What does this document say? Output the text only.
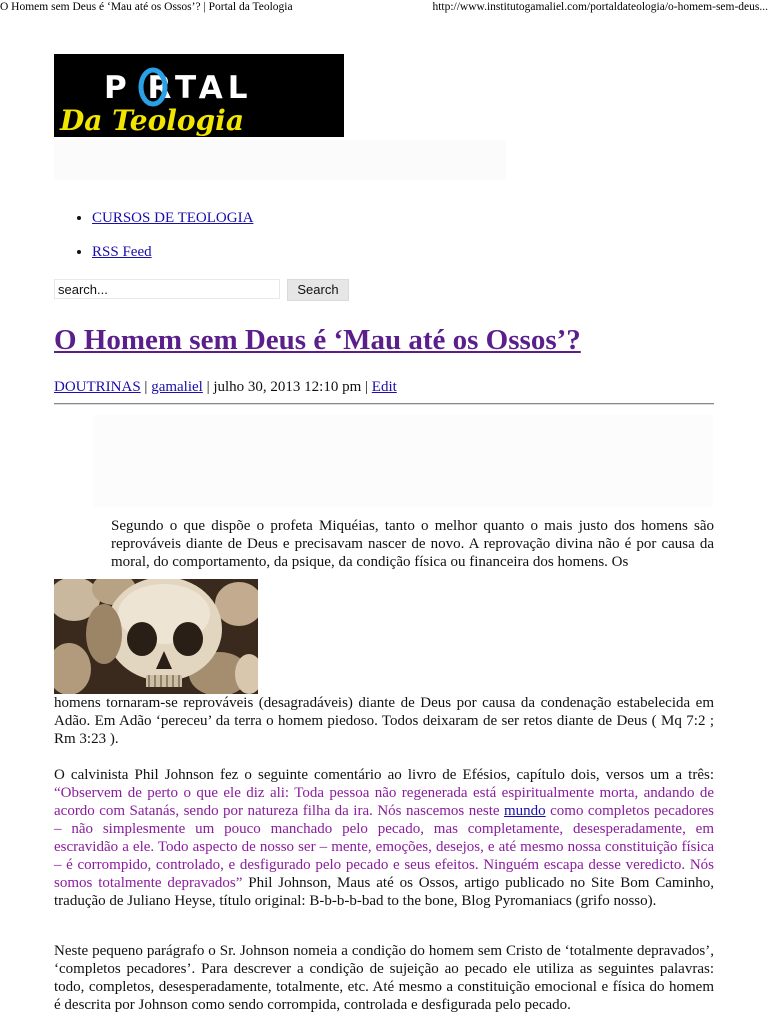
O Homem sem Deus é ‘Mau até os Ossos’? | Portal da Teologia	http://www.institutogamaliel.com/portaldateologia/o-homem-sem-deus...
P RTAL
Da Teologia
• CURSOS DE TEOLOGIA
• RSS Feed
search...	Search
O Homem sem Deus é ‘Mau até os Ossos’?
DOUTRINAS | gamaliel | julho 30, 2013 12:10 pm | Edit

Segundo o que dispõe o profeta Miquéias, tanto o melhor quanto o mais justo dos homens são reprováveis diante de Deus e precisavam nascer de novo. A reprovação divina não é por causa da moral, do comportamento, da psique, da condição física ou financeira dos homens. Os

homens tornaram-se reprováveis (desagradáveis) diante de Deus por causa da condenação estabelecida em Adão. Em Adão ‘pereceu’ da terra o homem piedoso. Todos deixaram de ser retos diante de Deus ( Mq 7:2 ; Rm 3:23 ).

O calvinista Phil Johnson fez o seguinte comentário ao livro de Efésios, capítulo dois, versos um a três: “Observem de perto o que ele diz ali: Toda pessoa não regenerada está espiritualmente morta, andando de acordo com Satanás, sendo por natureza filha da ira. Nós nascemos neste mundo como completos pecadores – não simplesmente um pouco manchado pelo pecado, mas completamente, desesperadamente, em escravidão a ele. Todo aspecto de nosso ser – mente, emoções, desejos, e até mesmo nossa constituição física – é corrompido, controlado, e desfigurado pelo pecado e seus efeitos. Ninguém escapa desse veredicto. Nós somos totalmente depravados” Phil Johnson, Maus até os Ossos, artigo publicado no Site Bom Caminho, tradução de Juliano Heyse, título original: B-b-b-b-bad to the bone, Blog Pyromaniacs (grifo nosso).

Neste pequeno parágrafo o Sr. Johnson nomeia a condição do homem sem Cristo de ‘totalmente depravados’, ‘completos pecadores’. Para descrever a condição de sujeição ao pecado ele utiliza as seguintes palavras: todo, completos, desesperadamente, totalmente, etc. Até mesmo a constituição emocional e física do homem é descrita por Johnson como sendo corrompida, controlada e desfigurada pelo pecado.
